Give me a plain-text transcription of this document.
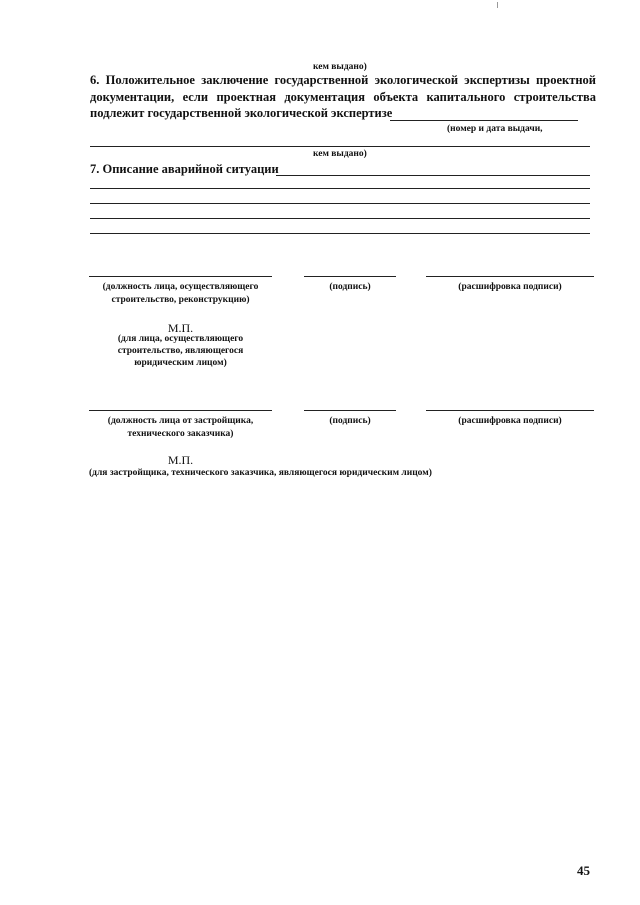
кем выдано)
6. Положительное заключение государственной экологической экспертизы проектной
документации, если проектная документация объекта капитального строительства
подлежит государственной экологической экспертизе
(номер и дата выдачи,
кем выдано)
7. Описание аварийной ситуации
(должность лица, осуществляющего
строительство, реконструкцию)
(подпись)	(расшифровка подписи)
М.П.
(для лица, осуществляющего
строительство, являющегося
юридическим лицом)
(должность лица от застройщика,
технического заказчика)
(подпись)	(расшифровка подписи)
М.П.
(для застройщика, технического заказчика, являющегося юридическим лицом)
45
